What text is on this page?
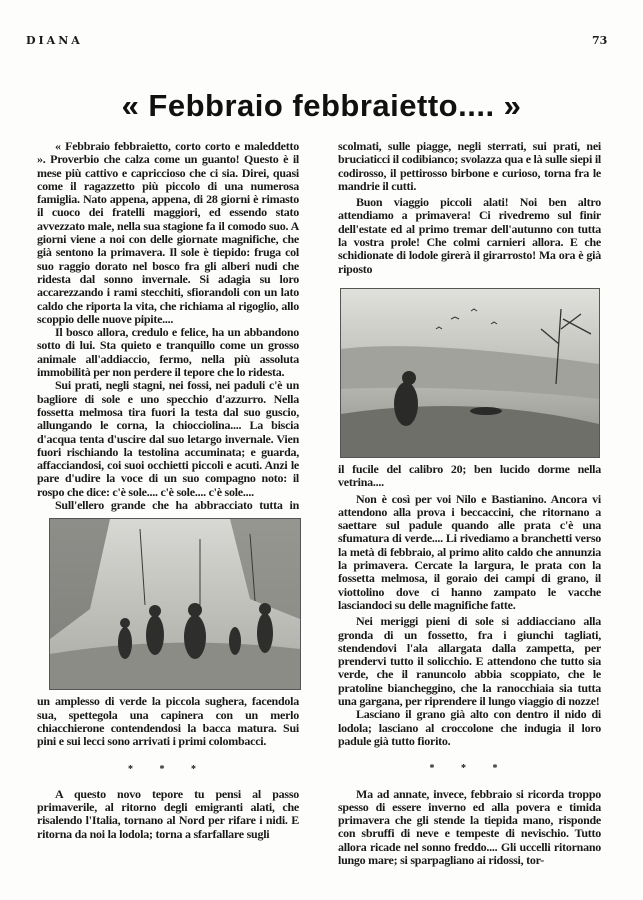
DIANA	73
« Febbraio febbraietto.... »

« Febbraio febbraietto, corto corto e maleddetto ». Proverbio che calza come un guanto! Questo è il mese più cattivo e capriccioso che ci sia. Direi, quasi come il ragazzetto più piccolo di una numerosa famiglia. Nato appena, appena, di 28 giorni è rimasto il cuoco dei fratelli maggiori, ed essendo stato avvezzato male, nella sua stagione fa il comodo suo. A giorni viene a noi con delle giornate magnifiche, che già sentono la primavera. Il sole è tiepido: fruga col suo raggio dorato nel bosco fra gli alberi nudi che ridesta dal sonno invernale. Si adagia su loro accarezzando i rami stecchiti, sfiorandoli con un lato caldo che riporta la vita, che richiama al rigoglio, allo scoppio delle nuove pipite....

Il bosco allora, credulo e felice, ha un abbandono sotto di lui. Sta quieto e tranquillo come un grosso animale all'addiaccio, fermo, nella più assoluta immobilità per non perdere il tepore che lo ridesta.

Sui prati, negli stagni, nei fossi, nei paduli c'è un bagliore di sole e uno specchio d'azzurro. Nella fossetta melmosa tira fuori la testa dal suo guscio, allungando le corna, la chiocciolina.... La biscia d'acqua tenta d'uscire dal suo letargo invernale. Vien fuori rischiando la testolina accuminata; e guarda, affacciandosi, coi suoi occhietti piccoli e acuti. Anzi le pare d'udire la voce di un suo compagno noto: il rospo che dice: c'è sole.... c'è sole.... c'è sole....

Sull'ellero grande che ha abbracciato tutta in

un amplesso di verde la piccola sughera, facendola sua, spettegola una capinera con un merlo chiacchierone contendendosi la bacca matura. Sui pini e sui lecci sono arrivati i primi colombacci.

* * *

A questo novo tepore tu pensi al passo primaverile, al ritorno degli emigranti alati, che risalendo l'Italia, tornano al Nord per rifare i nidi. E ritorna da noi la lodola; torna a sfarfallare sugli

scolmati, sulle piagge, negli sterrati, sui prati, nei bruciaticci il codibianco; svolazza qua e là sulle siepi il codirosso, il pettirosso birbone e curioso, torna fra le mandrie il cutti.

Buon viaggio piccoli alati! Noi ben altro attendiamo a primavera! Ci rivedremo sul finir dell'estate ed al primo tremar dell'autunno con tutta la vostra prole! Che colmi carnieri allora. E che schidionate di lodole girerà il girarrosto! Ma ora è già riposto

il fucile del calibro 20; ben lucido dorme nella vetrina....

Non è così per voi Nilo e Bastianino. Ancora vi attendono alla prova i beccaccini, che ritornano a saettare sul padule quando alle prata c'è una sfumatura di verde.... Li rivediamo a branchetti verso la metà di febbraio, al primo alito caldo che annunzia la primavera. Cercate la largura, le prata con la fossetta melmosa, il goraio dei campi di grano, il viottolino dove ci hanno zampato le vacche lasciandoci su delle magnifiche fatte.

Nei meriggi pieni di sole si addiacciano alla gronda di un fossetto, fra i giunchi tagliati, stendendovi l'ala allargata dalla zampetta, per prendervi tutto il solicchio. E attendono che tutto sia verde, che il ranuncolo abbia scoppiato, che le pratoline biancheggino, che la ranocchiaia sia tutta una gargana, per riprendere il lungo viaggio di nozze!

Lasciano il grano già alto con dentro il nido di lodola; lasciano al croccolone che indugia il loro padule già tutto fiorito.

* * *

Ma ad annate, invece, febbraio si ricorda troppo spesso di essere inverno ed alla povera e timida primavera che gli stende la tiepida mano, risponde con sbruffi di neve e tempeste di nevischio. Tutto allora ricade nel sonno freddo.... Gli uccelli ritornano lungo mare; si sparpagliano ai ridossi, tor-
